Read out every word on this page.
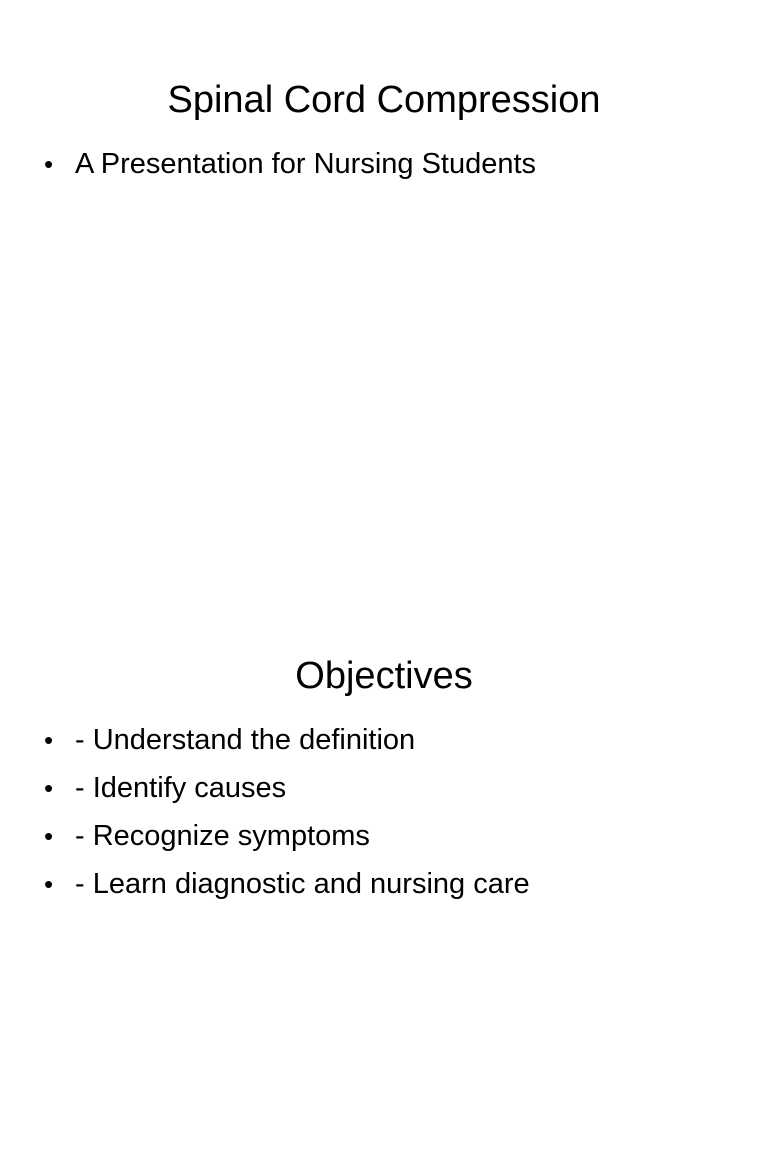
Spinal Cord Compression
• A Presentation for Nursing Students
Objectives
• - Understand the definition
• - Identify causes
• - Recognize symptoms
• - Learn diagnostic and nursing care
